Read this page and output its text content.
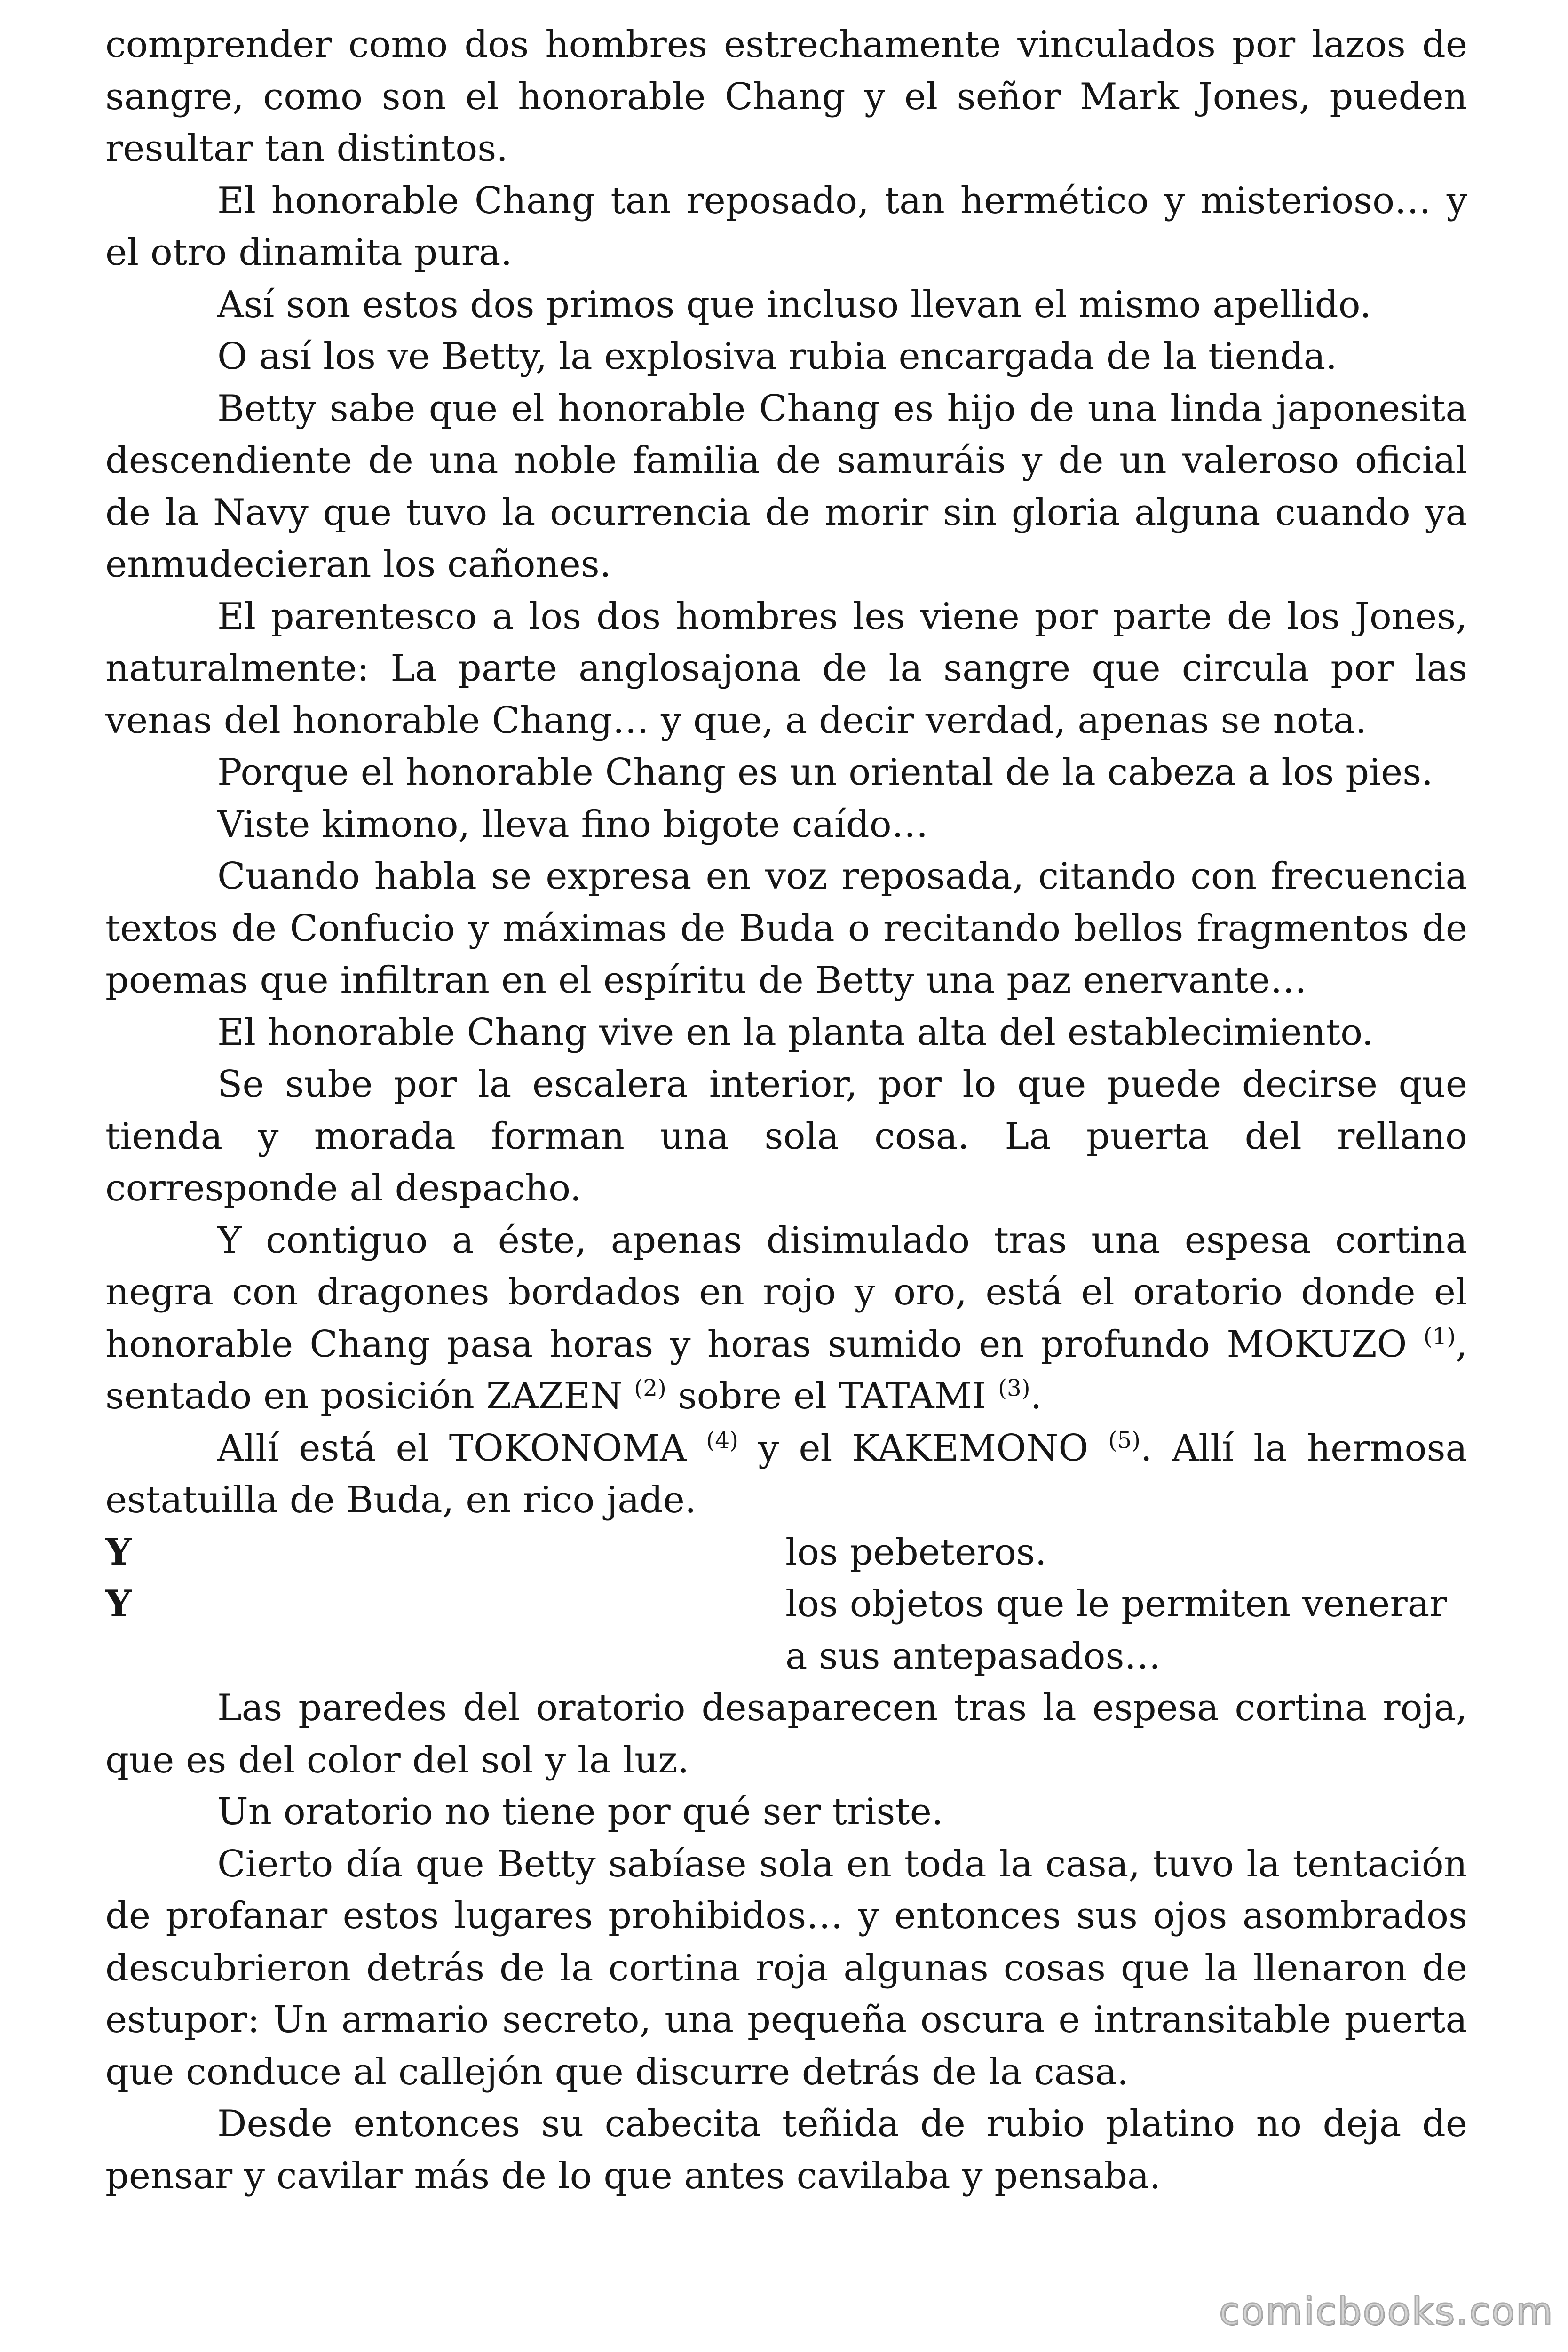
comprender como dos hombres estrechamente vinculados por lazos de sangre, como son el honorable Chang y el señor Mark Jones, pueden resultar tan distintos.

El honorable Chang tan reposado, tan hermético y misterioso… y el otro dinamita pura.

Así son estos dos primos que incluso llevan el mismo apellido.

O así los ve Betty, la explosiva rubia encargada de la tienda.

Betty sabe que el honorable Chang es hijo de una linda japonesita descendiente de una noble familia de samuráis y de un valeroso oficial de la Navy que tuvo la ocurrencia de morir sin gloria alguna cuando ya enmudecieran los cañones.

El parentesco a los dos hombres les viene por parte de los Jones, naturalmente: La parte anglosajona de la sangre que circula por las venas del honorable Chang… y que, a decir verdad, apenas se nota.

Porque el honorable Chang es un oriental de la cabeza a los pies.

Viste kimono, lleva fino bigote caído…

Cuando habla se expresa en voz reposada, citando con frecuencia textos de Confucio y máximas de Buda o recitando bellos fragmentos de poemas que infiltran en el espíritu de Betty una paz enervante…

El honorable Chang vive en la planta alta del establecimiento.

Se sube por la escalera interior, por lo que puede decirse que tienda y morada forman una sola cosa. La puerta del rellano corresponde al despacho.

Y contiguo a éste, apenas disimulado tras una espesa cortina negra con dragones bordados en rojo y oro, está el oratorio donde el honorable Chang pasa horas y horas sumido en profundo MOKUZO $^{(1)}$, sentado en posición ZAZEN $^{(2)}$ sobre el TATAMI $^{(3)}$.

Allí está el TOKONOMA $^{(4)}$ y el KAKEMONO $^{(5)}$. Allí la hermosa estatuilla de Buda, en rico jade.

Y	los pebeteros.
Y	los objetos que le permiten venerar
a sus antepasados…

Las paredes del oratorio desaparecen tras la espesa cortina roja, que es del color del sol y la luz.

Un oratorio no tiene por qué ser triste.

Cierto día que Betty sabíase sola en toda la casa, tuvo la tentación de profanar estos lugares prohibidos… y entonces sus ojos asombrados descubrieron detrás de la cortina roja algunas cosas que la llenaron de estupor: Un armario secreto, una pequeña oscura e intransitable puerta que conduce al callejón que discurre detrás de la casa.

Desde entonces su cabecita teñida de rubio platino no deja de pensar y cavilar más de lo que antes cavilaba y pensaba.

comicbooks.com
